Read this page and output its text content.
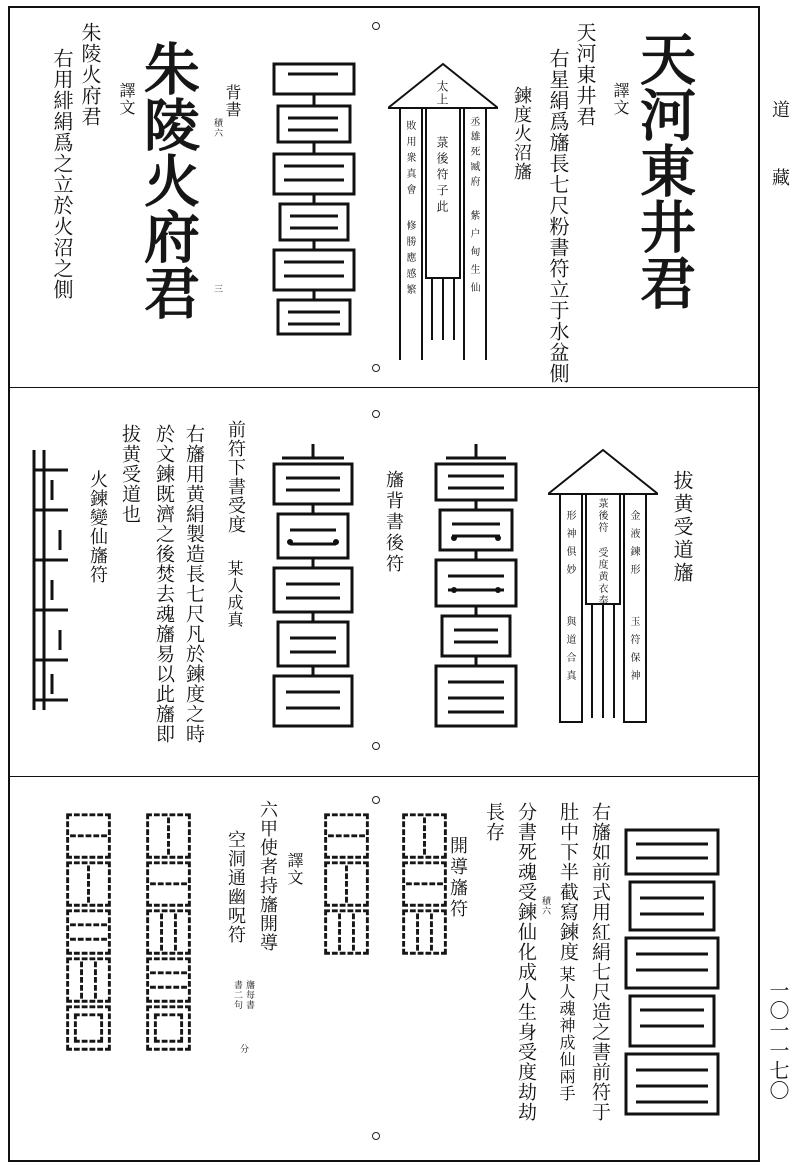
道藏
一〇一一七〇
譯文
天河東井君
右星絹爲旛長七尺粉書符立于水盆側
鍊度火沼旛 天河東井君
太上
菉後符子此 丞雄死臧府
紫户甸生仙
敗用衆真會
修勝應感繁
背書
積六
三
朱陵火府君
譯文
朱陵火府君
右用緋絹爲之立於火沼之側
拔黄受道旛
菉後符 受度黄衣奉 金液鍊形
玉符保神
形神俱妙
與道合真
旛背書後符
前符下書受度
某人成真
右旛用黄絹製造長七尺凡於鍊度之時
於文鍊既濟之後焚去魂旛易以此旛即
拔黄受道也
火鍊變仙旛符
右旛如前式用紅絹七尺造之書前符于
肚中下半截寫鍊度
某人魂神成仙兩手
分書死魂受鍊仙化成人生身受度劫劫
長存
積六
開導旛符
⿰⿱⿲
⿱⿰⿲
譯文
六甲使者持旛開導
空洞通幽呪符
旛每書
書二句
分
⿰⿱⿲⿳⿴
⿱⿰⿳⿲⿴
